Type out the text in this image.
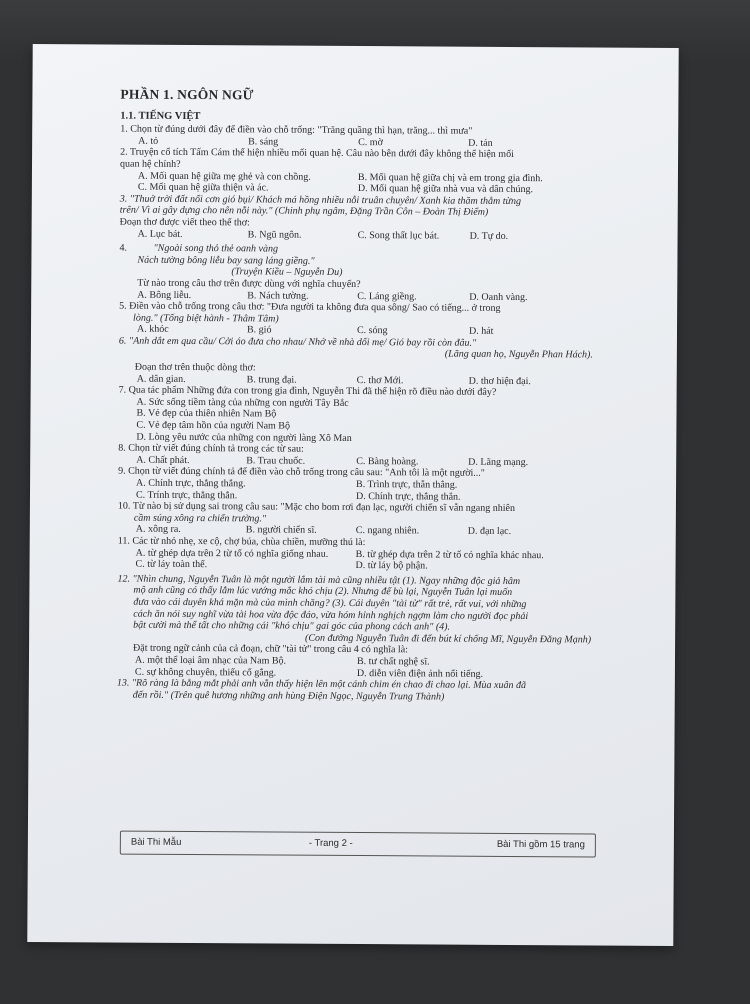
PHẦN 1. NGÔN NGỮ
1.1. TIẾNG VIỆT
1. Chọn từ đúng dưới đây để điền vào chỗ trống: "Trăng quầng thì hạn, trăng... thì mưa"
A. tỏ	B. sáng	C. mờ	D. tán
2. Truyện cổ tích Tấm Cám thể hiện nhiều mối quan hệ. Câu nào bên dưới đây không thể hiện mối
quan hệ chính?
A. Mối quan hệ giữa mẹ ghẻ và con chồng.	B. Mối quan hệ giữa chị và em trong gia đình.
C. Mối quan hệ giữa thiện và ác.	D. Mối quan hệ giữa nhà vua và dân chúng.
3. "Thuở trời đất nổi cơn gió bụi/ Khách má hồng nhiều nỗi truân chuyên/ Xanh kia thăm thẳm từng
trên/ Vì ai gây dựng cho nên nỗi này." (Chinh phụ ngâm, Đặng Trần Côn – Đoàn Thị Điểm)
Đoạn thơ được viết theo thể thơ:
A. Lục bát.	B. Ngũ ngôn.	C. Song thất lục bát.	D. Tự do.
4.	"Ngoài song thỏ thẻ oanh vàng
Nách tường bông liễu bay sang láng giềng."
(Truyện Kiều – Nguyễn Du)
Từ nào trong câu thơ trên được dùng với nghĩa chuyển?
A. Bông liễu.	B. Nách tường.	C. Láng giềng.	D. Oanh vàng.
5. Điền vào chỗ trống trong câu thơ: "Đưa người ta không đưa qua sông/ Sao có tiếng... ở trong
lòng." (Tống biệt hành - Thâm Tâm)
A. khóc	B. gió	C. sóng	D. hát
6. "Anh dắt em qua cầu/ Cởi áo đưa cho nhau/ Nhớ về nhà dối mẹ/ Gió bay rồi còn đâu."
(Lãng quan họ, Nguyễn Phan Hách).
Đoạn thơ trên thuộc dòng thơ:
A. dân gian.	B. trung đại.	C. thơ Mới.	D. thơ hiện đại.
7. Qua tác phẩm Những đứa con trong gia đình, Nguyễn Thi đã thể hiện rõ điều nào dưới đây?
A. Sức sống tiềm tàng của những con người Tây Bắc
B. Vẻ đẹp của thiên nhiên Nam Bộ
C. Vẻ đẹp tâm hồn của người Nam Bộ
D. Lòng yêu nước của những con người làng Xô Man
8. Chọn từ viết đúng chính tả trong các từ sau:
A. Chất phát.	B. Trau chuốc.	C. Bàng hoàng.	D. Lãng mạng.
9. Chọn từ viết đúng chính tả để điền vào chỗ trống trong câu sau: "Anh tôi là một người..."
A. Chính trực, thẳng thắng.	B. Trình trực, thẵn thẳng.
C. Trính trực, thẳng thắn.	D. Chính trực, thẳng thắn.
10. Từ nào bị sử dụng sai trong câu sau: "Mặc cho bom rơi đạn lạc, người chiến sĩ vẫn ngang nhiên
cầm súng xông ra chiến trường."
A. xông ra.	B. người chiến sĩ.	C. ngang nhiên.	D. đạn lạc.
11. Các từ nhỏ nhẹ, xe cộ, chợ búa, chùa chiền, mưỡng thú là:
A. từ ghép dựa trên 2 từ tố có nghĩa giống nhau.	B. từ ghép dựa trên 2 từ tố có nghĩa khác nhau.
C. từ láy toàn thể.	D. từ láy bộ phận.
12. "Nhìn chung, Nguyễn Tuân là một người lắm tài mà cũng nhiều tật (1). Ngay những độc giả hâm
mộ anh cũng có thấy lắm lúc vướng mắc khó chịu (2). Nhưng để bù lại, Nguyễn Tuân lại muốn
đưa vào cái duyên khá mặn mà của mình chăng? (3). Cái duyên "tài tử" rất trẻ, rất vui, với những
cách ăn nói suy nghĩ vừa tài hoa vừa độc đáo, vừa hóm hỉnh nghịch ngợm làm cho người đọc phải
bật cười mà thể tất cho những cái "khó chịu" gai góc của phong cách anh" (4).
(Con đường Nguyễn Tuân đi đến bút kí chống Mĩ, Nguyễn Đăng Mạnh)
Đặt trong ngữ cảnh của cả đoạn, chữ "tài tử" trong câu 4 có nghĩa là:
A. một thể loại âm nhạc của Nam Bộ.	B. tư chất nghệ sĩ.
C. sự không chuyên, thiếu cố gắng.	D. diễn viên điện ảnh nổi tiếng.
13. "Rõ ràng là bằng mắt phải anh vẫn thấy hiện lên một cánh chim én chao đi chao lại. Mùa xuân đã
đến rồi." (Trên quê hương những anh hùng Điện Ngọc, Nguyễn Trung Thành)
Bài Thi Mẫu	- Trang 2 -	Bài Thi gồm 15 trang
